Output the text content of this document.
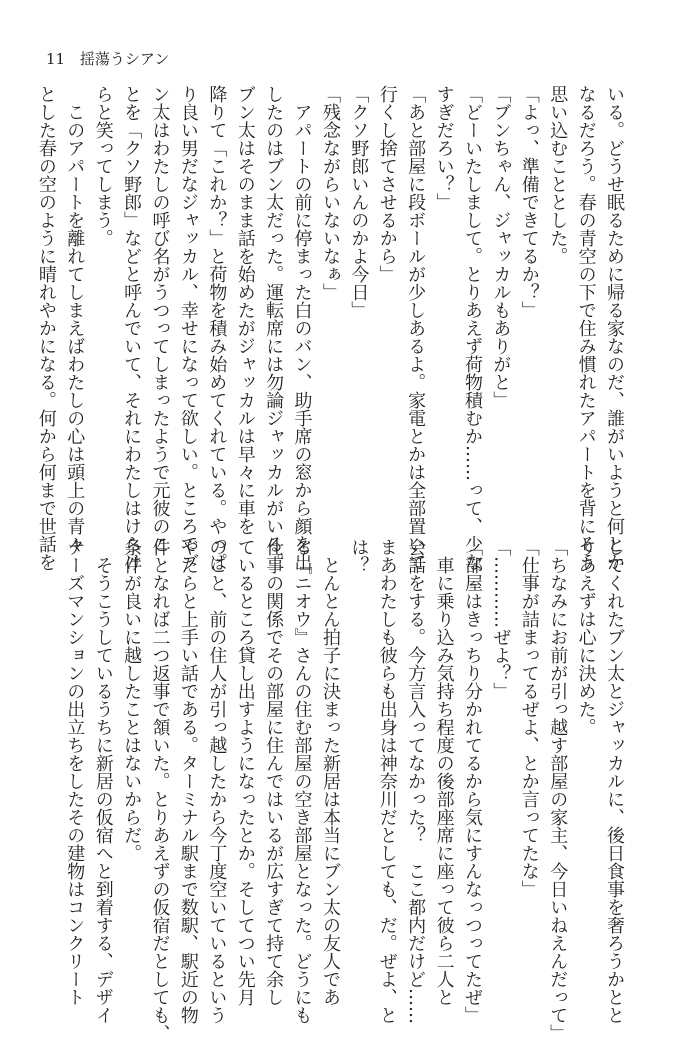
11 揺蕩うシアン
いる。どうせ眠るために帰る家なのだ、誰がいようと何とか
なるだろう。春の青空の下で住み慣れたアパートを背にそう
思い込むこととした。
「よっ、準備できてるか？」
「ブンちゃん、ジャッカルもありがと」
「どーいたしまして。とりあえず荷物積むか……って、少な
すぎだろい？」
「あと部屋に段ボールが少しあるよ。家電とかは全部置いて
行くし捨てさせるから」
「クソ野郎いんのかよ今日」
「残念ながらいないなぁ」
　アパートの前に停まった白のバン、助手席の窓から顔を出
したのはブン太だった。運転席には勿論ジャッカルがいる。
ブン太はそのまま話を始めたがジャッカルは早々に車を
降りて「これか？」と荷物を積み始めてくれている。やっぱ
り良い男だなジャッカル、幸せになって欲しい。ところでブ
ン太はわたしの呼び名がうつってしまったようで元彼のこ
とを「クソ野郎」などと呼んでいて、それにわたしはけらけ
らと笑ってしまう。
　このアパートを離れてしまえばわたしの心は頭上の青々
とした春の空のように晴れやかになる。何から何まで世話を
してくれたブン太とジャッカルに、後日食事を奢ろうかとと
りあえずは心に決めた。
「ちなみにお前が引っ越す部屋の家主、今日いねえんだって」
「仕事が詰まってるぜよ、とか言ってたな」
「…………ぜよ？」
「部屋はきっちり分かれてるから気にすんなっつってたぜ」
　車に乗り込み気持ち程度の後部座席に座って彼ら二人と
会話をする。今方言入ってなかった？　ここ都内だけど……
まあわたしも彼らも出身は神奈川だとしても、だ。ぜよ、と
は？
　とんとん拍子に決まった新居は本当にブン太の友人であ
る『ニオウ』さんの住む部屋の空き部屋となった。どうにも
仕事の関係でその部屋に住んではいるが広すぎて持て余し
ているところ貸し出すようになったとか。そしてつい先月
のこと、前の住人が引っ越したから今丁度空いているという
やたらと上手い話である。ターミナル駅まで数駅、駅近の物
件となれば二つ返事で頷いた。とりあえずの仮宿だとしても、
条件が良いに越したことはないからだ。
　そうこうしているうちに新居の仮宿へと到着する、デザイ
ナーズマンションの出立ちをしたその建物はコンクリート
